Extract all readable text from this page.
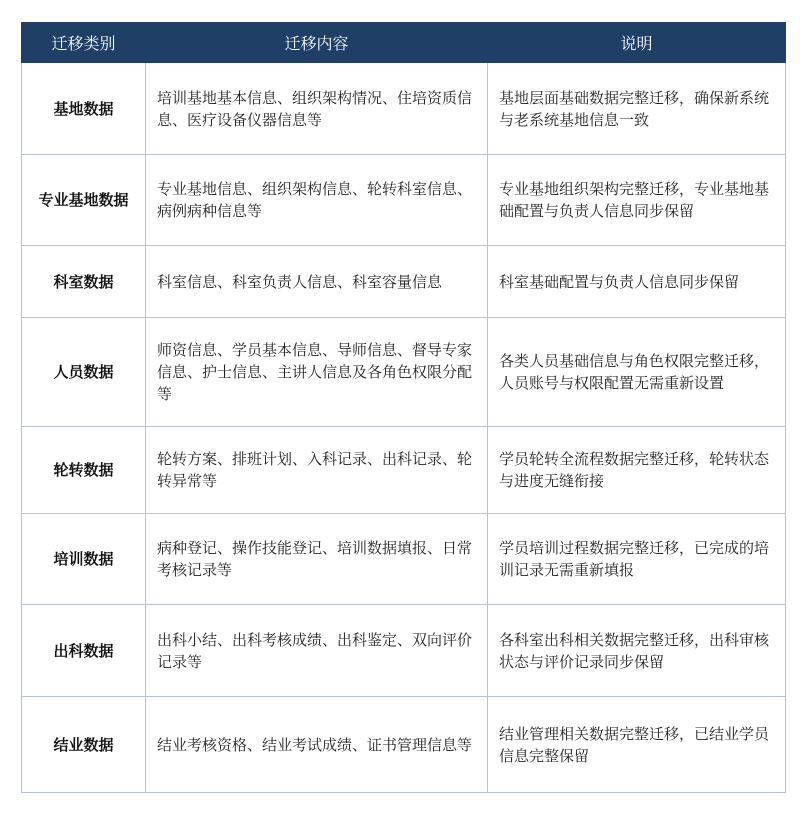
迁移类别	迁移内容	说明
基地数据	培训基地基本信息、组织架构情况、住培资质信息、医疗设备仪器信息等	基地层面基础数据完整迁移，确保新系统与老系统基地信息一致
专业基地数据	专业基地信息、组织架构信息、轮转科室信息、病例病种信息等	专业基地组织架构完整迁移，专业基地基础配置与负责人信息同步保留
科室数据	科室信息、科室负责人信息、科室容量信息	科室基础配置与负责人信息同步保留
人员数据	师资信息、学员基本信息、导师信息、督导专家信息、护士信息、主讲人信息及各角色权限分配等	各类人员基础信息与角色权限完整迁移，人员账号与权限配置无需重新设置
轮转数据	轮转方案、排班计划、入科记录、出科记录、轮转异常等	学员轮转全流程数据完整迁移，轮转状态与进度无缝衔接
培训数据	病种登记、操作技能登记、培训数据填报、日常考核记录等	学员培训过程数据完整迁移，已完成的培训记录无需重新填报
出科数据	出科小结、出科考核成绩、出科鉴定、双向评价记录等	各科室出科相关数据完整迁移，出科审核状态与评价记录同步保留
结业数据	结业考核资格、结业考试成绩、证书管理信息等	结业管理相关数据完整迁移，已结业学员信息完整保留
